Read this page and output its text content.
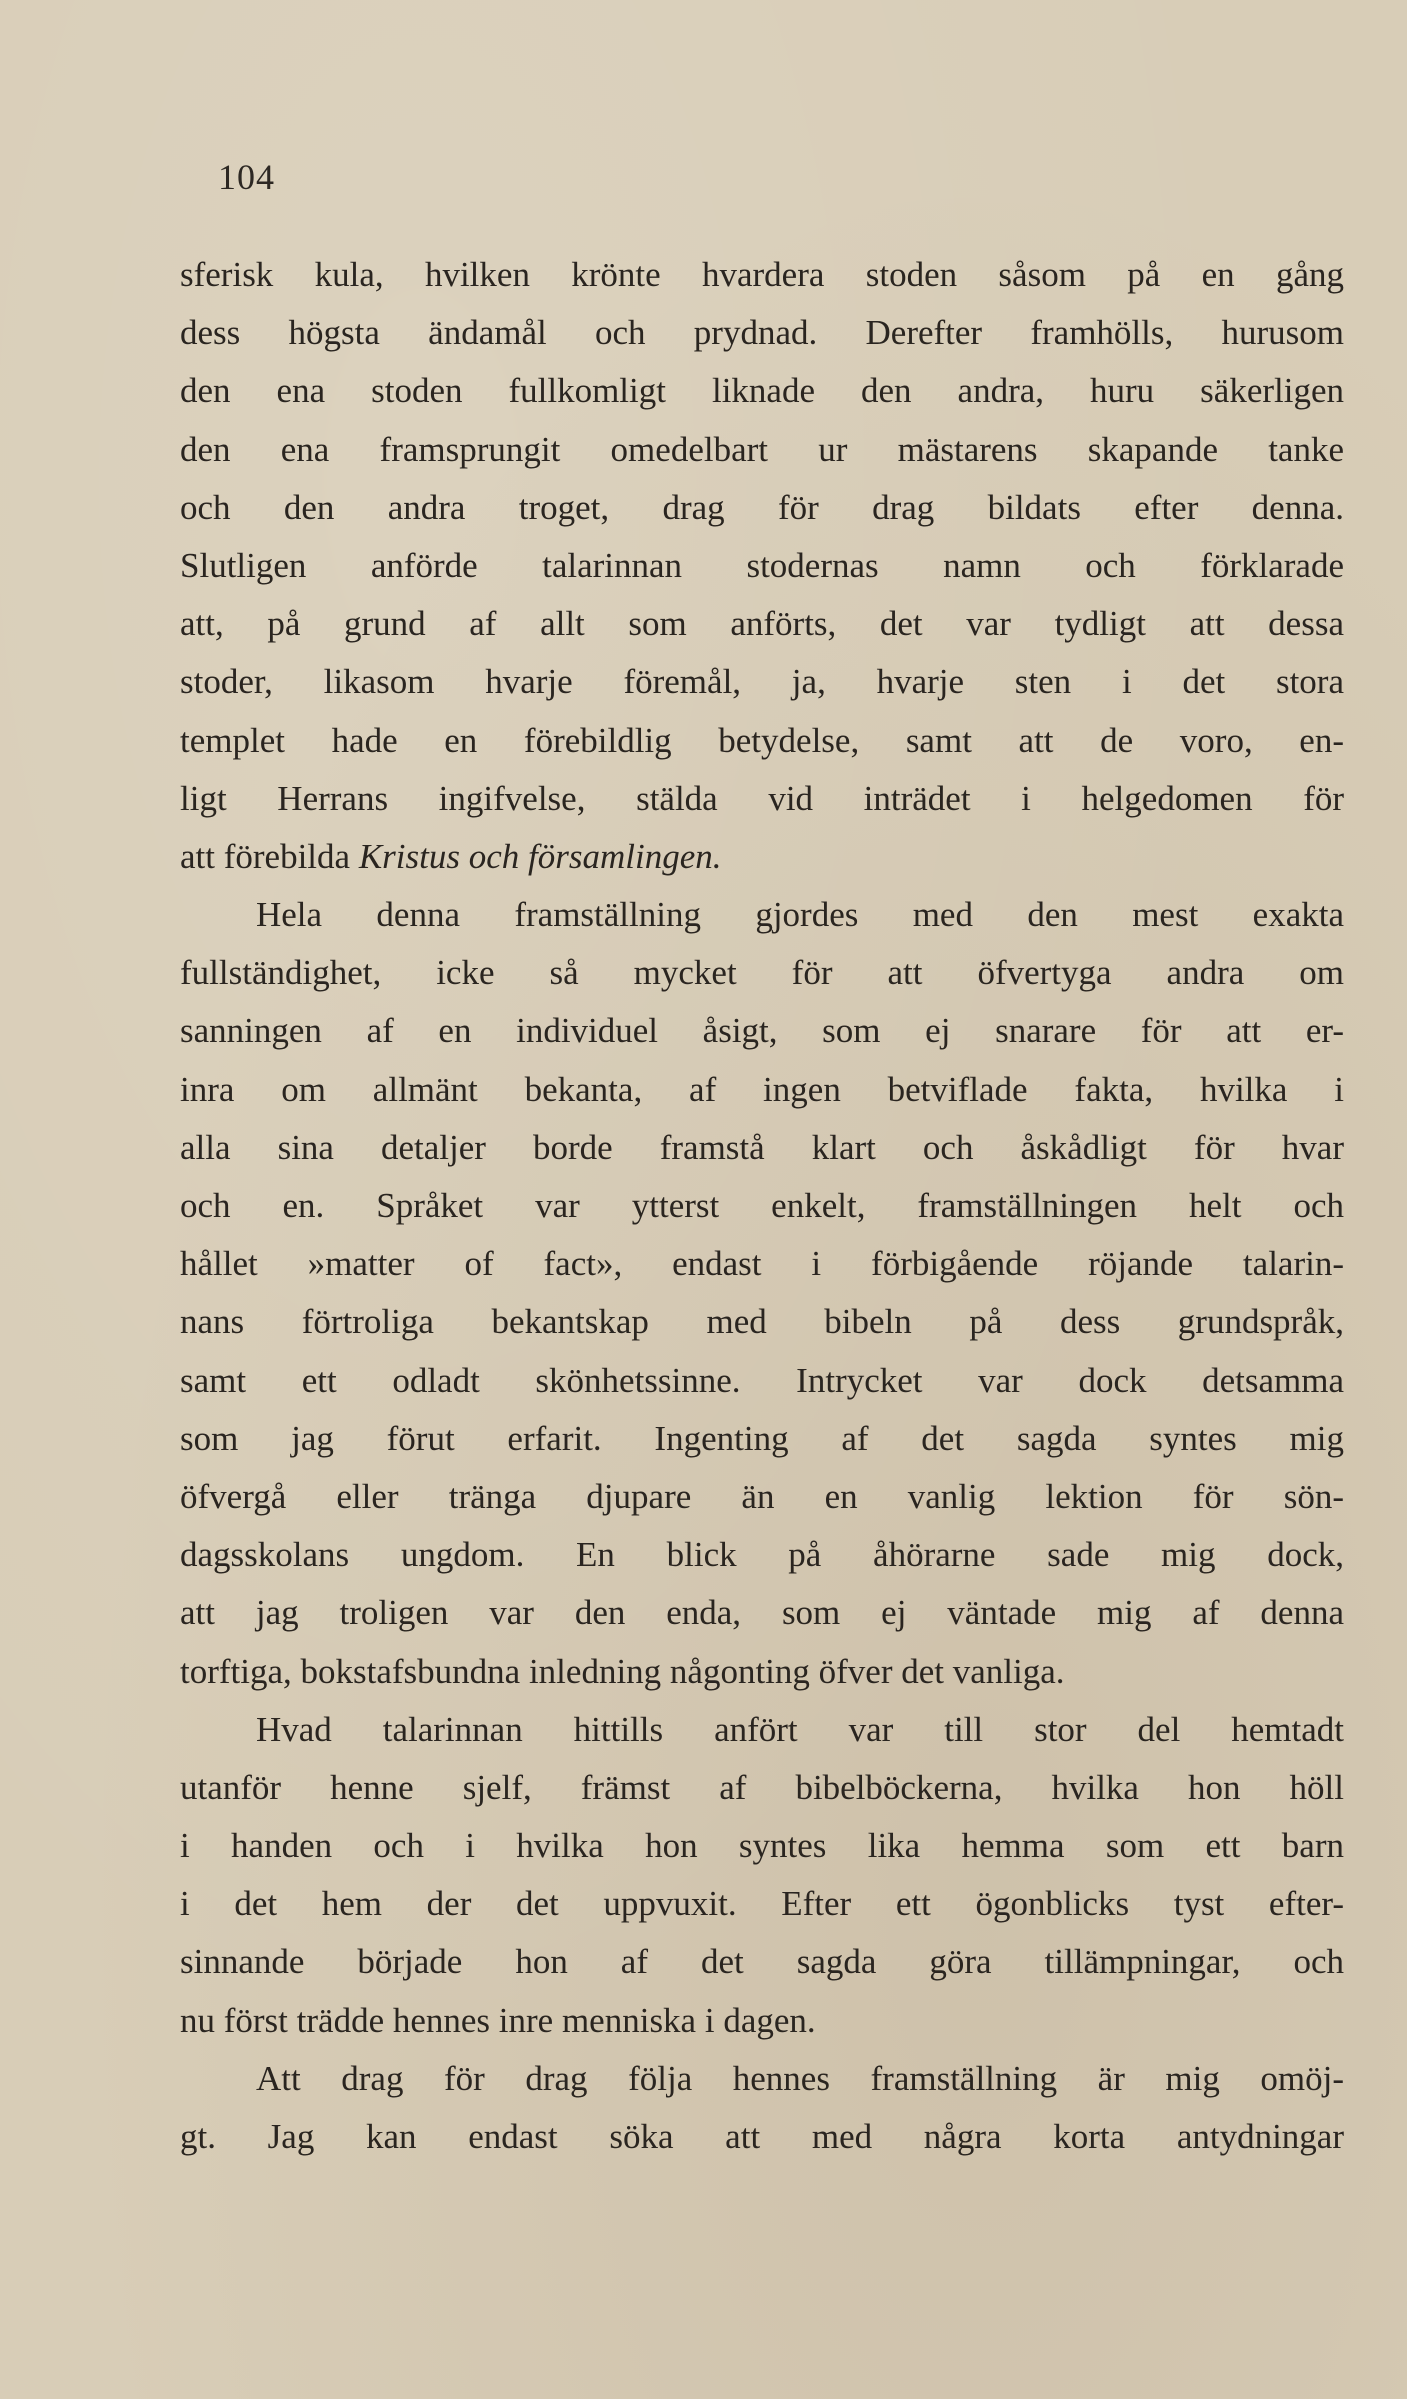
104
sferisk kula, hvilken krönte hvardera stoden såsom på en gång
dess högsta ändamål och prydnad. Derefter framhölls, hurusom
den ena stoden fullkomligt liknade den andra, huru säkerligen
den ena framsprungit omedelbart ur mästarens skapande tanke
och den andra troget, drag för drag bildats efter denna.
Slutligen anförde talarinnan stodernas namn och förklarade
att, på grund af allt som anförts, det var tydligt att dessa
stoder, likasom hvarje föremål, ja, hvarje sten i det stora
templet hade en förebildlig betydelse, samt att de voro, en-
ligt Herrans ingifvelse, stälda vid inträdet i helgedomen för
att förebilda Kristus och församlingen.
Hela denna framställning gjordes med den mest exakta
fullständighet, icke så mycket för att öfvertyga andra om
sanningen af en individuel åsigt, som ej snarare för att er-
inra om allmänt bekanta, af ingen betviflade fakta, hvilka i
alla sina detaljer borde framstå klart och åskådligt för hvar
och en. Språket var ytterst enkelt, framställningen helt och
hållet »matter of fact», endast i förbigående röjande talarin-
nans förtroliga bekantskap med bibeln på dess grundspråk,
samt ett odladt skönhetssinne. Intrycket var dock detsamma
som jag förut erfarit. Ingenting af det sagda syntes mig
öfvergå eller tränga djupare än en vanlig lektion för sön-
dagsskolans ungdom. En blick på åhörarne sade mig dock,
att jag troligen var den enda, som ej väntade mig af denna
torftiga, bokstafsbundna inledning någonting öfver det vanliga.
Hvad talarinnan hittills anfört var till stor del hemtadt
utanför henne sjelf, främst af bibelböckerna, hvilka hon höll
i handen och i hvilka hon syntes lika hemma som ett barn
i det hem der det uppvuxit. Efter ett ögonblicks tyst efter-
sinnande började hon af det sagda göra tillämpningar, och
nu först trädde hennes inre menniska i dagen.
Att drag för drag följa hennes framställning är mig omöj-
gt. Jag kan endast söka att med några korta antydningar
